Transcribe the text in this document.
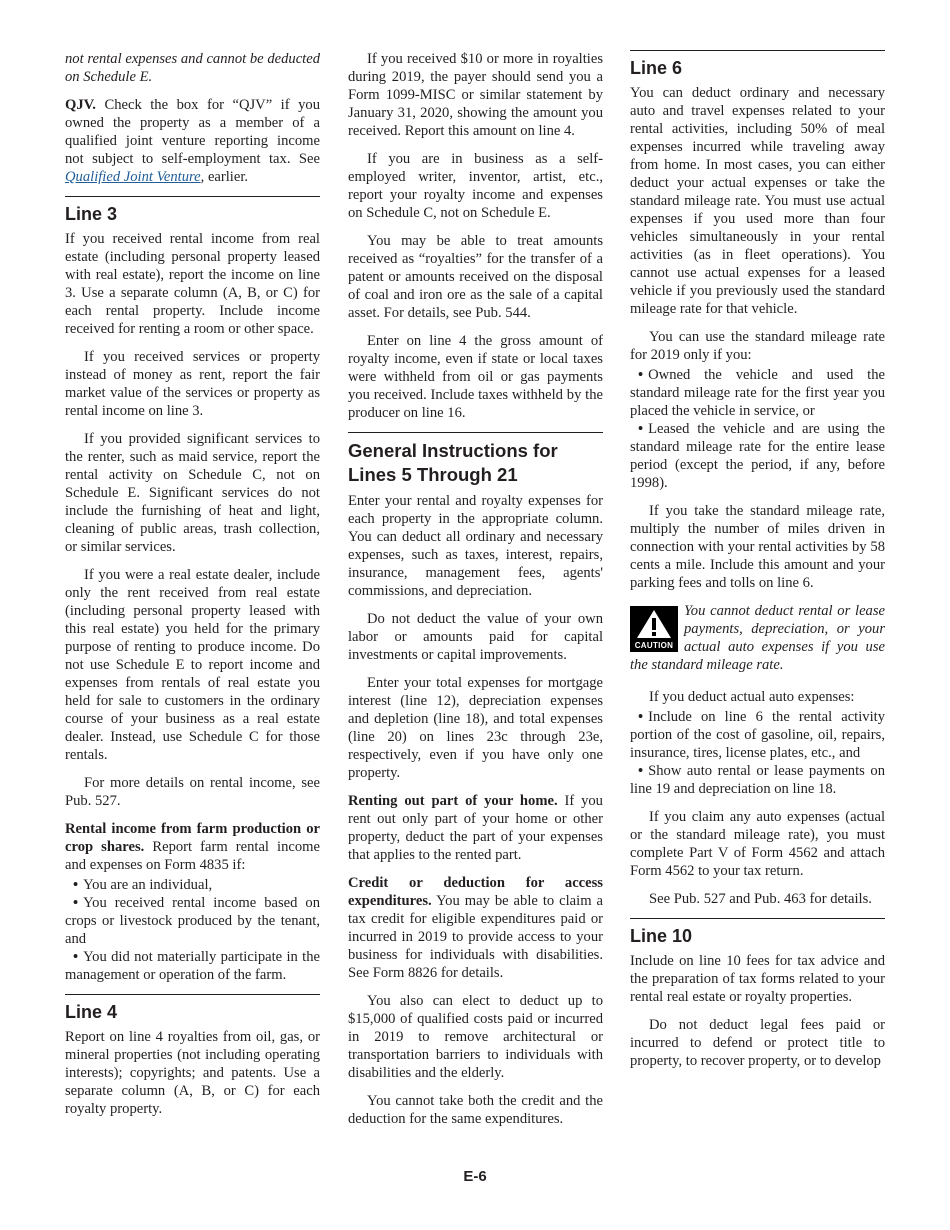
not rental expenses and cannot be deducted on Schedule E.

QJV. Check the box for “QJV” if you owned the property as a member of a qualified joint venture reporting income not subject to self-employment tax. See Qualified Joint Venture, earlier.

Line 3

If you received rental income from real estate (including personal property leased with real estate), report the income on line 3. Use a separate column (A, B, or C) for each rental property. Include income received for renting a room or other space.

If you received services or property instead of money as rent, report the fair market value of the services or property as rental income on line 3.

If you provided significant services to the renter, such as maid service, report the rental activity on Schedule C, not on Schedule E. Significant services do not include the furnishing of heat and light, cleaning of public areas, trash collection, or similar services.

If you were a real estate dealer, include only the rent received from real estate (including personal property leased with this real estate) you held for the primary purpose of renting to produce income. Do not use Schedule E to report income and expenses from rentals of real estate you held for sale to customers in the ordinary course of your business as a real estate dealer. Instead, use Schedule C for those rentals.

For more details on rental income, see Pub. 527.

Rental income from farm production or crop shares. Report farm rental income and expenses on Form 4835 if:

• You are an individual,

• You received rental income based on crops or livestock produced by the tenant, and

• You did not materially participate in the management or operation of the farm.

Line 4

Report on line 4 royalties from oil, gas, or mineral properties (not including operating interests); copyrights; and patents. Use a separate column (A, B, or C) for each royalty property.

If you received $10 or more in royalties during 2019, the payer should send you a Form 1099-MISC or similar statement by January 31, 2020, showing the amount you received. Report this amount on line 4.

If you are in business as a self-employed writer, inventor, artist, etc., report your royalty income and expenses on Schedule C, not on Schedule E.

You may be able to treat amounts received as “royalties” for the transfer of a patent or amounts received on the disposal of coal and iron ore as the sale of a capital asset. For details, see Pub. 544.

Enter on line 4 the gross amount of royalty income, even if state or local taxes were withheld from oil or gas payments you received. Include taxes withheld by the producer on line 16.

General Instructions for Lines 5 Through 21

Enter your rental and royalty expenses for each property in the appropriate column. You can deduct all ordinary and necessary expenses, such as taxes, interest, repairs, insurance, management fees, agents' commissions, and depreciation.

Do not deduct the value of your own labor or amounts paid for capital investments or capital improvements.

Enter your total expenses for mortgage interest (line 12), depreciation expenses and depletion (line 18), and total expenses (line 20) on lines 23c through 23e, respectively, even if you have only one property.

Renting out part of your home. If you rent out only part of your home or other property, deduct the part of your expenses that applies to the rented part.

Credit or deduction for access expenditures. You may be able to claim a tax credit for eligible expenditures paid or incurred in 2019 to provide access to your business for individuals with disabilities. See Form 8826 for details.

You also can elect to deduct up to $15,000 of qualified costs paid or incurred in 2019 to remove architectural or transportation barriers to individuals with disabilities and the elderly.

You cannot take both the credit and the deduction for the same expenditures.

Line 6

You can deduct ordinary and necessary auto and travel expenses related to your rental activities, including 50% of meal expenses incurred while traveling away from home. In most cases, you can either deduct your actual expenses or take the standard mileage rate. You must use actual expenses if you used more than four vehicles simultaneously in your rental activities (as in fleet operations). You cannot use actual expenses for a leased vehicle if you previously used the standard mileage rate for that vehicle.

You can use the standard mileage rate for 2019 only if you:

• Owned the vehicle and used the standard mileage rate for the first year you placed the vehicle in service, or

• Leased the vehicle and are using the standard mileage rate for the entire lease period (except the period, if any, before 1998).

If you take the standard mileage rate, multiply the number of miles driven in connection with your rental activities by 58 cents a mile. Include this amount and your parking fees and tolls on line 6.

CAUTION

You cannot deduct rental or lease payments, depreciation, or your actual auto expenses if you use the standard mileage rate.

If you deduct actual auto expenses:

• Include on line 6 the rental activity portion of the cost of gasoline, oil, repairs, insurance, tires, license plates, etc., and

• Show auto rental or lease payments on line 19 and depreciation on line 18.

If you claim any auto expenses (actual or the standard mileage rate), you must complete Part V of Form 4562 and attach Form 4562 to your tax return.

See Pub. 527 and Pub. 463 for details.

Line 10

Include on line 10 fees for tax advice and the preparation of tax forms related to your rental real estate or royalty properties.

Do not deduct legal fees paid or incurred to defend or protect title to property, to recover property, or to develop

E-6
